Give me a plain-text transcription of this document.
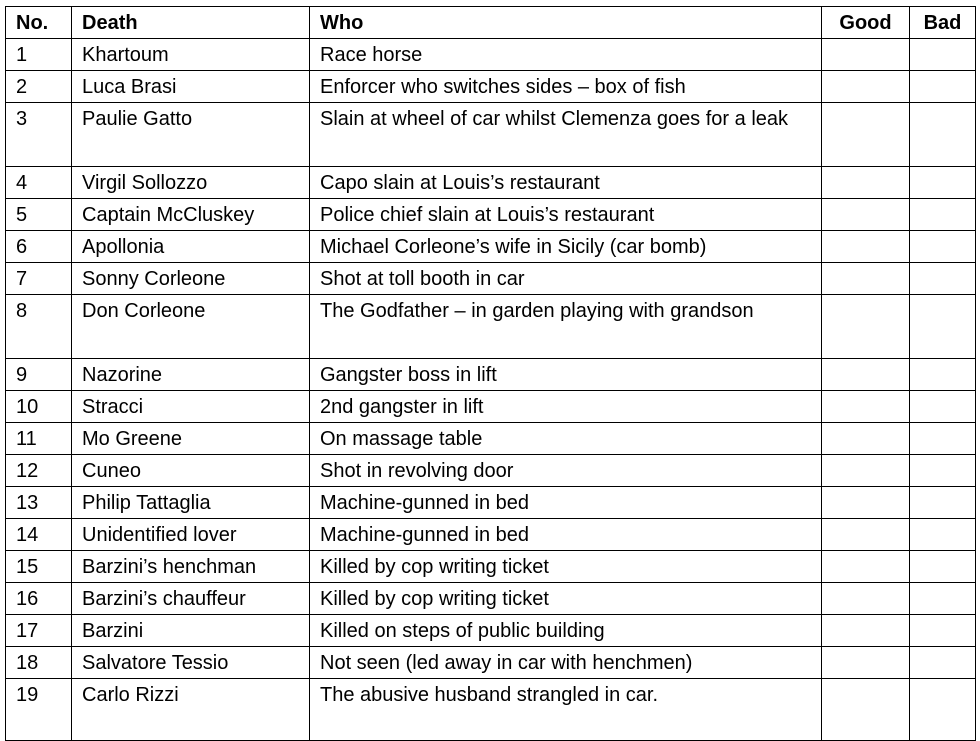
No.	Death	Who	Good	Bad
1	Khartoum	Race horse		
2	Luca Brasi	Enforcer who switches sides – box of fish		
3	Paulie Gatto	Slain at wheel of car whilst Clemenza goes for a leak		
4	Virgil Sollozzo	Capo slain at Louis’s restaurant		
5	Captain McCluskey	Police chief slain at Louis’s restaurant		
6	Apollonia	Michael Corleone’s wife in Sicily (car bomb)		
7	Sonny Corleone	Shot at toll booth in car		
8	Don Corleone	The Godfather – in garden playing with grandson		
9	Nazorine	Gangster boss in lift		
10	Stracci	2nd gangster in lift		
11	Mo Greene	On massage table		
12	Cuneo	Shot in revolving door		
13	Philip Tattaglia	Machine-gunned in bed		
14	Unidentified lover	Machine-gunned in bed		
15	Barzini’s henchman	Killed by cop writing ticket		
16	Barzini’s chauffeur	Killed by cop writing ticket		
17	Barzini	Killed on steps of public building		
18	Salvatore Tessio	Not seen (led away in car with henchmen)		
19	Carlo Rizzi	The abusive husband strangled in car.		
